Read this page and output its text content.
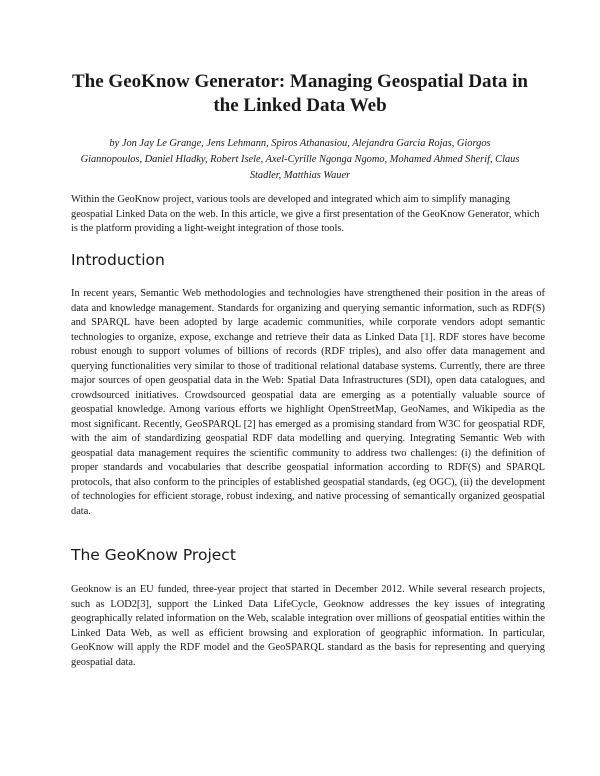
The GeoKnow Generator: Managing Geospatial Data in the Linked Data Web

by Jon Jay Le Grange, Jens Lehmann, Spiros Athanasiou, Alejandra Garcia Rojas, Giorgos Giannopoulos, Daniel Hladky, Robert Isele, Axel-Cyrille Ngonga Ngomo, Mohamed Ahmed Sherif, Claus Stadler, Matthias Wauer

Within the GeoKnow project, various tools are developed and integrated which aim to simplify managing geospatial Linked Data on the web. In this article, we give a first presentation of the GeoKnow Generator, which is the platform providing a light-weight integration of those tools.

Introduction

In recent years, Semantic Web methodologies and technologies have strengthened their position in the areas of data and knowledge management. Standards for organizing and querying semantic information, such as RDF(S) and SPARQL have been adopted by large academic communities, while corporate vendors adopt semantic technologies to organize, expose, exchange and retrieve their data as Linked Data [1]. RDF stores have become robust enough to support volumes of billions of records (RDF triples), and also offer data management and querying functionalities very similar to those of traditional relational database systems. Currently, there are three major sources of open geospatial data in the Web: Spatial Data Infrastructures (SDI), open data catalogues, and crowdsourced initiatives. Crowdsourced geospatial data are emerging as a potentially valuable source of geospatial knowledge. Among various efforts we highlight OpenStreetMap, GeoNames, and Wikipedia as the most significant. Recently, GeoSPARQL [2] has emerged as a promising standard from W3C for geospatial RDF, with the aim of standardizing geospatial RDF data modelling and querying. Integrating Semantic Web with geospatial data management requires the scientific community to address two challenges: (i) the definition of proper standards and vocabularies that describe geospatial information according to RDF(S) and SPARQL protocols, that also conform to the principles of established geospatial standards, (eg OGC), (ii) the development of technologies for efficient storage, robust indexing, and native processing of semantically organized geospatial data.

The GeoKnow Project

Geoknow is an EU funded, three-year project that started in December 2012. While several research projects, such as LOD2[3], support the Linked Data LifeCycle, Geoknow addresses the key issues of integrating geographically related information on the Web, scalable integration over millions of geospatial entities within the Linked Data Web, as well as efficient browsing and exploration of geographic information. In particular, GeoKnow will apply the RDF model and the GeoSPARQL standard as the basis for representing and querying geospatial data.
